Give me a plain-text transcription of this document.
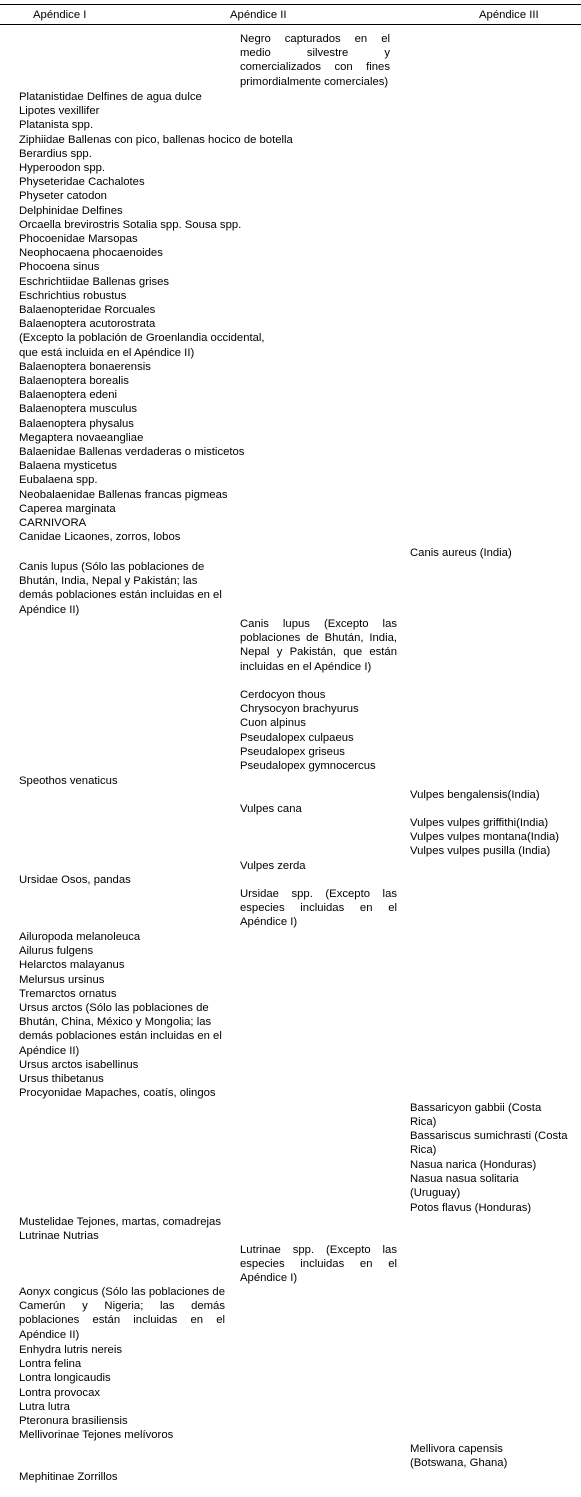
Apéndice I	Apéndice II	Apéndice III
Negro capturados en el medio silvestre y comercializados con fines primordialmente comerciales)
Platanistidae Delfines de agua dulce
Lipotes vexillifer
Platanista spp.
Ziphiidae Ballenas con pico, ballenas hocico de botella
Berardius spp.
Hyperoodon spp.
Physeteridae Cachalotes
Physeter catodon
Delphinidae Delfines
Orcaella brevirostris Sotalia spp. Sousa spp.
Phocoenidae Marsopas
Neophocaena phocaenoides
Phocoena sinus
Eschrichtiidae Ballenas grises
Eschrichtius robustus
Balaenopteridae Rorcuales
Balaenoptera acutorostrata
(Excepto la población de Groenlandia occidental,
que está incluida en el Apéndice II)
Balaenoptera bonaerensis
Balaenoptera borealis
Balaenoptera edeni
Balaenoptera musculus
Balaenoptera physalus
Megaptera novaeangliae
Balaenidae Ballenas verdaderas o misticetos
Balaena mysticetus
Eubalaena spp.
Neobalaenidae Ballenas francas pigmeas
Caperea marginata
CARNIVORA
Canidae Licaones, zorros, lobos
Canis aureus (India)
Canis lupus (Sólo las poblaciones de Bhután, India, Nepal y Pakistán; las demás poblaciones están incluidas en el Apéndice II)
Canis lupus (Excepto las poblaciones de Bhután, India, Nepal y Pakistán, que están incluidas en el Apéndice I)
Cerdocyon thous
Chrysocyon brachyurus
Cuon alpinus
Pseudalopex culpaeus
Pseudalopex griseus
Pseudalopex gymnocercus
Speothos venaticus
Vulpes bengalensis(India)
Vulpes cana
Vulpes vulpes griffithi(India)
Vulpes vulpes montana(India)
Vulpes vulpes pusilla (India)
Vulpes zerda
Ursidae Osos, pandas
Ursidae spp. (Excepto las especies incluidas en el Apéndice I)
Ailuropoda melanoleuca
Ailurus fulgens
Helarctos malayanus
Melursus ursinus
Tremarctos ornatus
Ursus arctos (Sólo las poblaciones de Bhután, China, México y Mongolia; las demás poblaciones están incluidas en el Apéndice II)
Ursus arctos isabellinus
Ursus thibetanus
Procyonidae Mapaches, coatís, olingos
Bassaricyon gabbii (Costa Rica)
Bassariscus sumichrasti (Costa Rica)
Nasua narica (Honduras)
Nasua nasua solitaria (Uruguay)
Potos flavus (Honduras)
Mustelidae Tejones, martas, comadrejas
Lutrinae Nutrias
Lutrinae spp. (Excepto las especies incluidas en el Apéndice I)
Aonyx congicus (Sólo las poblaciones de Camerún y Nigeria; las demás poblaciones están incluidas en el Apéndice II)
Enhydra lutris nereis
Lontra felina
Lontra longicaudis
Lontra provocax
Lutra lutra
Pteronura brasiliensis
Mellivorinae Tejones melívoros
Mellivora capensis (Botswana, Ghana)
Mephitinae Zorrillos
